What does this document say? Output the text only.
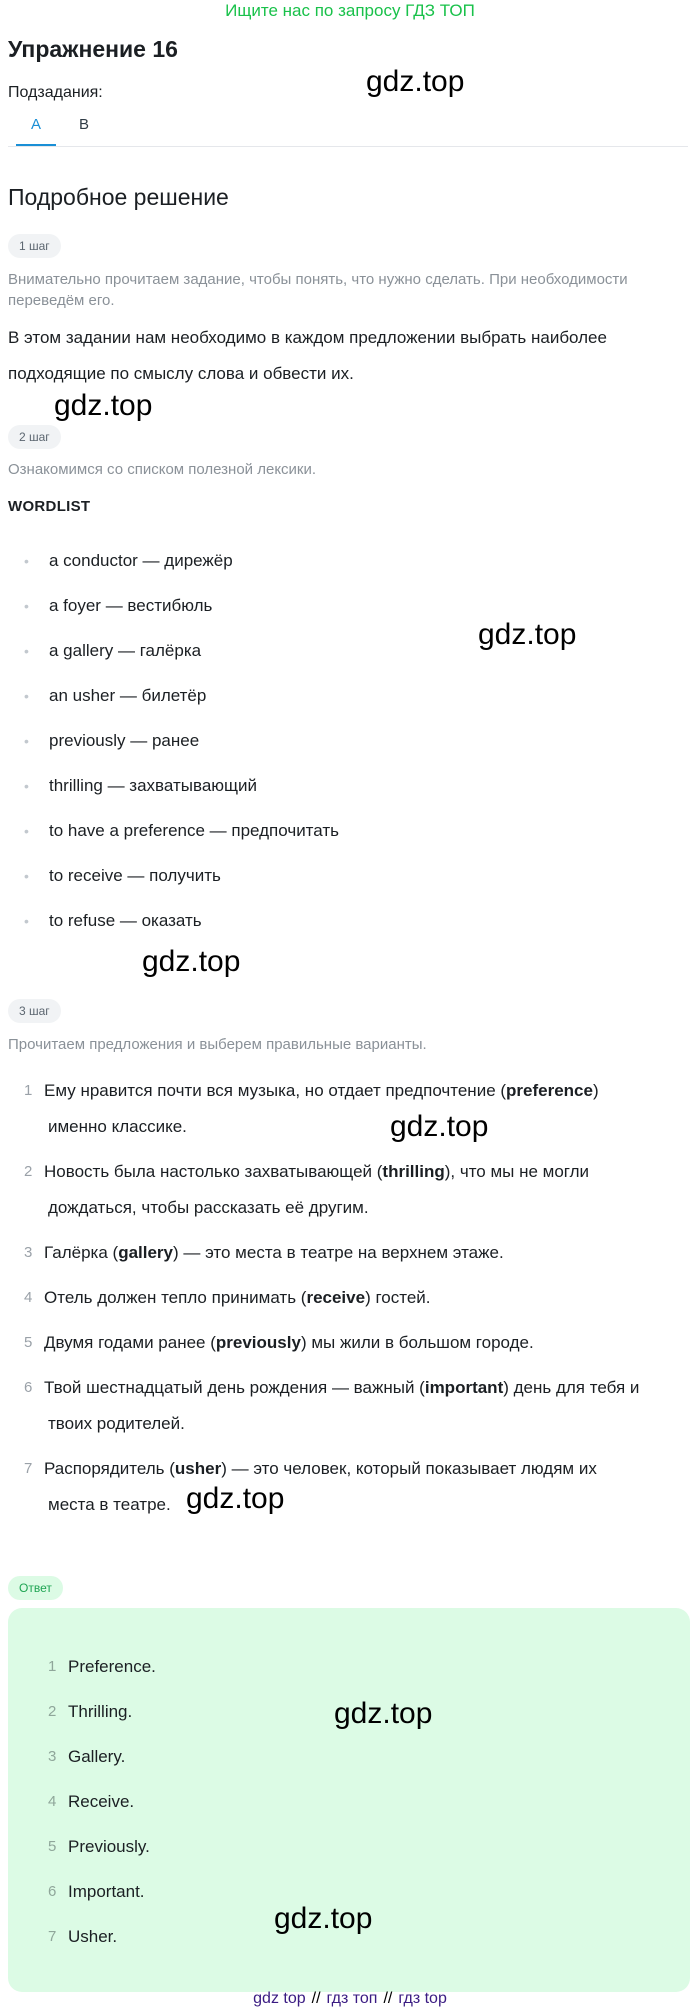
Ищите нас по запросу ГДЗ ТОП
Упражнение 16
Подзадания:
A	B
Подробное решение
1 шаг
Внимательно прочитаем задание, чтобы понять, что нужно сделать. При необходимости переведём его.
В этом задании нам необходимо в каждом предложении выбрать наиболее подходящие по смыслу слова и обвести их.
2 шаг
Ознакомимся со списком полезной лексики.
WORDLIST
• a conductor — дирежёр
• a foyer — вестибюль
• a gallery — галёрка
• an usher — билетёр
• previously — ранее
• thrilling — захватывающий
• to have a preference — предпочитать
• to receive — получить
• to refuse — оказать
3 шаг
Прочитаем предложения и выберем правильные варианты.
1 Ему нравится почти вся музыка, но отдает предпочтение (preference)
именно классике.
2 Новость была настолько захватывающей (thrilling), что мы не могли
дождаться, чтобы рассказать её другим.
3 Галёрка (gallery) — это места в театре на верхнем этаже.
4 Отель должен тепло принимать (receive) гостей.
5 Двумя годами ранее (previously) мы жили в большом городе.
6 Твой шестнадцатый день рождения — важный (important) день для тебя и
твоих родителей.
7 Распорядитель (usher) — это человек, который показывает людям их
места в театре.
Ответ
1 Preference.
2 Thrilling.
3 Gallery.
4 Receive.
5 Previously.
6 Important.
7 Usher.
gdz.top
gdz.top
gdz.top
gdz.top
gdz.top
gdz.top
gdz.top
gdz.top
gdz top // гдз топ // гдз top
